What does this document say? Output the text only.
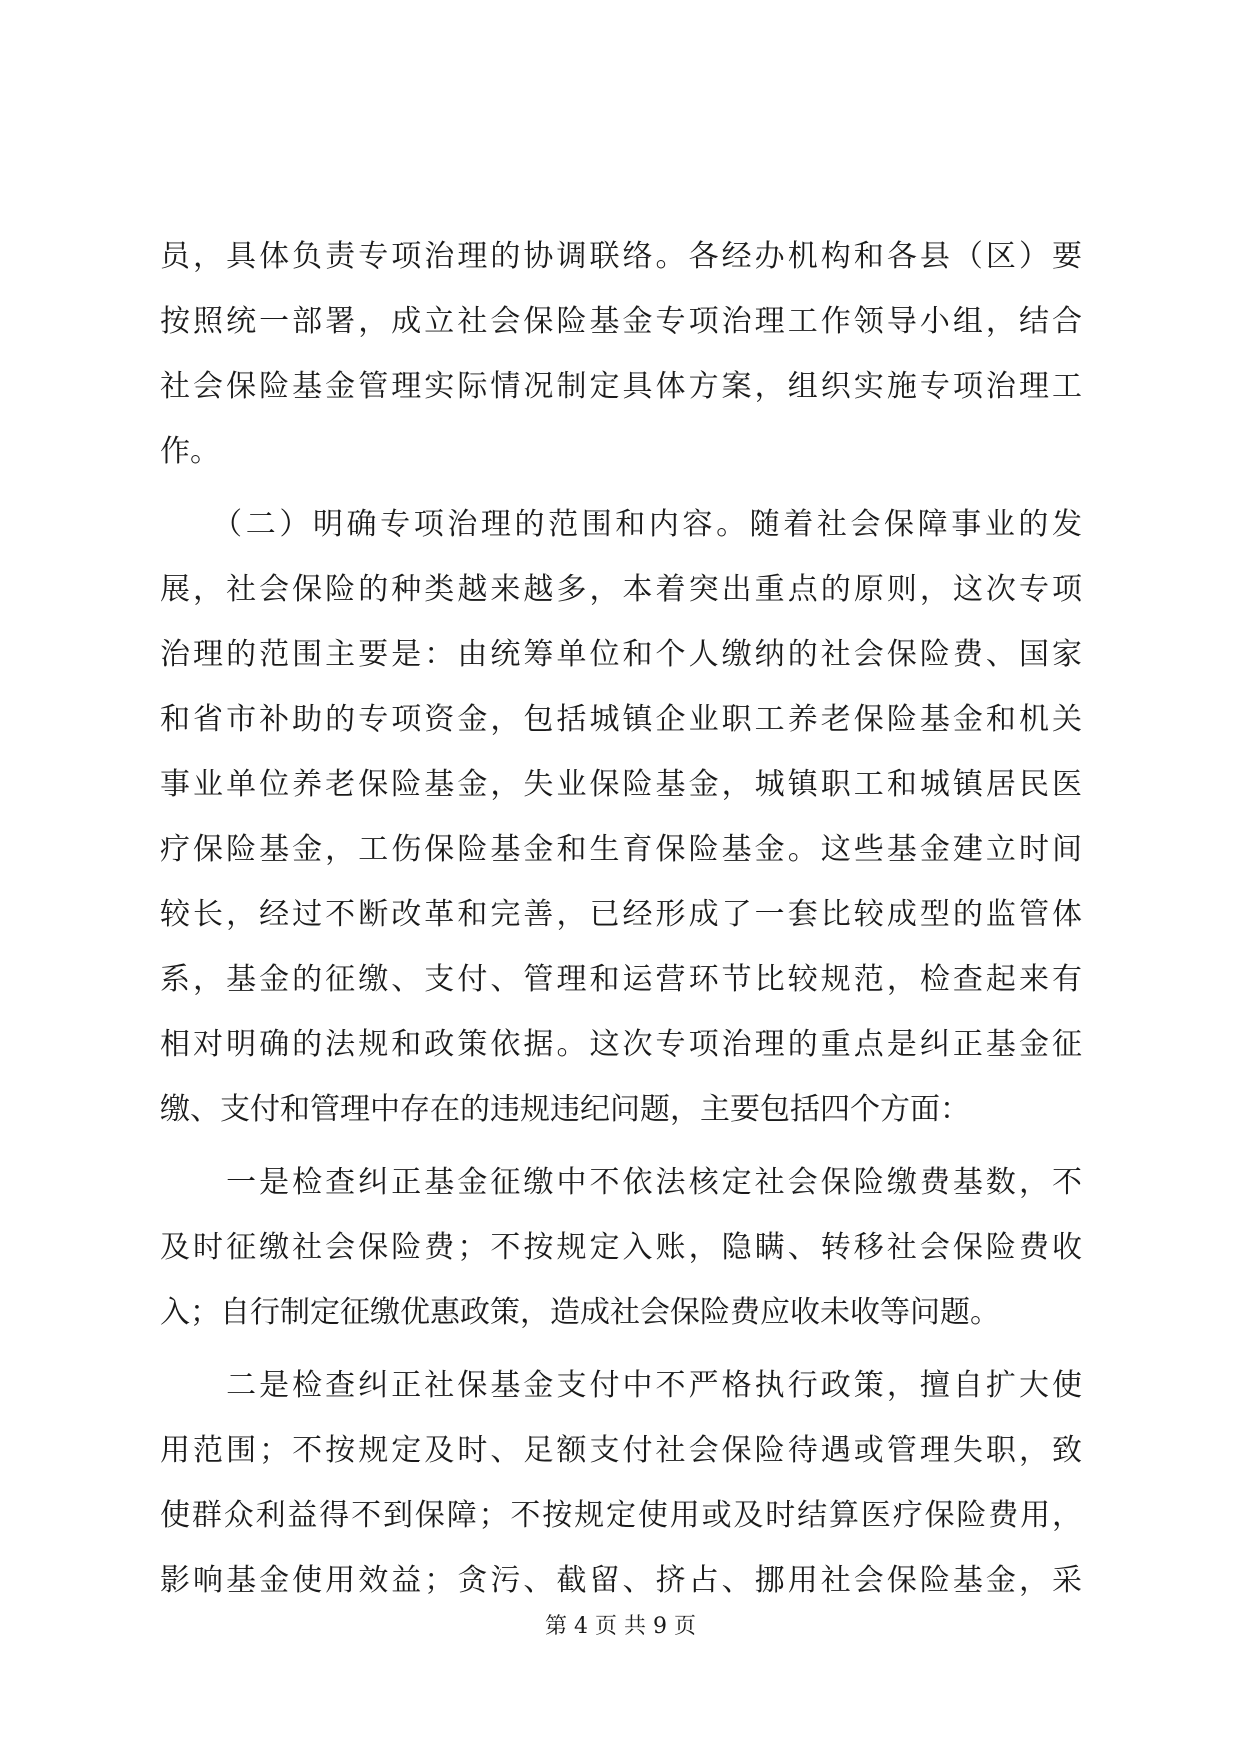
员，具体负责专项治理的协调联络。各经办机构和各县（区）要
按照统一部署，成立社会保险基金专项治理工作领导小组，结合
社会保险基金管理实际情况制定具体方案，组织实施专项治理工
作。
　　（二）明确专项治理的范围和内容。随着社会保障事业的发
展，社会保险的种类越来越多，本着突出重点的原则，这次专项
治理的范围主要是：由统筹单位和个人缴纳的社会保险费、国家
和省市补助的专项资金，包括城镇企业职工养老保险基金和机关
事业单位养老保险基金，失业保险基金，城镇职工和城镇居民医
疗保险基金，工伤保险基金和生育保险基金。这些基金建立时间
较长，经过不断改革和完善，已经形成了一套比较成型的监管体
系，基金的征缴、支付、管理和运营环节比较规范，检查起来有
相对明确的法规和政策依据。这次专项治理的重点是纠正基金征
缴、支付和管理中存在的违规违纪问题，主要包括四个方面：
　　一是检查纠正基金征缴中不依法核定社会保险缴费基数，不
及时征缴社会保险费；不按规定入账，隐瞒、转移社会保险费收
入；自行制定征缴优惠政策，造成社会保险费应收未收等问题。
　　二是检查纠正社保基金支付中不严格执行政策，擅自扩大使
用范围；不按规定及时、足额支付社会保险待遇或管理失职，致
使群众利益得不到保障；不按规定使用或及时结算医疗保险费用，
影响基金使用效益；贪污、截留、挤占、挪用社会保险基金，采
第 4 页 共 9 页
